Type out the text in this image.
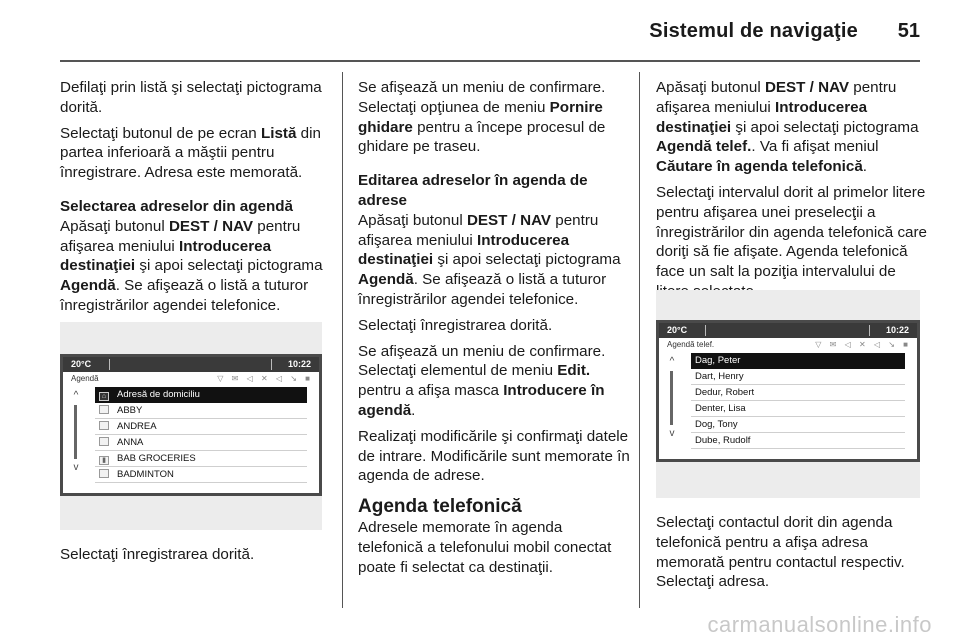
Sistemul de navigaţie 51

Defilaţi prin listă şi selectaţi pictograma dorită.

Selectaţi butonul de pe ecran Listă din partea inferioară a măştii pentru înregistrare. Adresa este memorată.

Selectarea adreselor din agendă

Apăsaţi butonul DEST / NAV pentru afişarea meniului Introducerea destinaţiei şi apoi selectaţi pictograma Agendă. Se afişează o listă a tuturor înregistrărilor agendei telefonice.

20°C	10:22
Agendă	▽ ✉ ◁ ✕ ◁ ↘ ■
^
v
⌂ Adresă de domiciliu
ABBY
ANDREA
ANNA
▮ BAB GROCERIES
BADMINTON

Selectaţi înregistrarea dorită.

Se afişează un meniu de confirmare. Selectaţi opţiunea de meniu Pornire ghidare pentru a începe procesul de ghidare pe traseu.

Editarea adreselor în agenda de adrese

Apăsaţi butonul DEST / NAV pentru afişarea meniului Introducerea destinaţiei şi apoi selectaţi pictograma Agendă. Se afişează o listă a tuturor înregistrărilor agendei telefonice.

Selectaţi înregistrarea dorită.

Se afişează un meniu de confirmare. Selectaţi elementul de meniu Edit. pentru a afişa masca Introducere în agendă.

Realizaţi modificările şi confirmaţi datele de intrare. Modificările sunt memorate în agenda de adrese.

Agenda telefonică

Adresele memorate în agenda telefonică a telefonului mobil conectat poate fi selectat ca destinaţii.

Apăsaţi butonul DEST / NAV pentru afişarea meniului Introducerea destinaţiei şi apoi selectaţi pictograma Agendă telef.. Va fi afişat meniul Căutare în agenda telefonică.

Selectaţi intervalul dorit al primelor litere pentru afişarea unei preselecţii a înregistrărilor din agenda telefonică care doriţi să fie afişate. Agenda telefonică face un salt la poziţia intervalului de

20°C	10:22
Agendă telef.	▽ ✉ ◁ ✕ ◁ ↘ ■
^
v
Dag, Peter
Dart, Henry
Dedur, Robert
Denter, Lisa
Dog, Tony
Dube, Rudolf

Selectaţi contactul dorit din agenda telefonică pentru a afişa adresa memorată pentru contactul respectiv. Selectaţi adresa.

carmanualsonline.info
